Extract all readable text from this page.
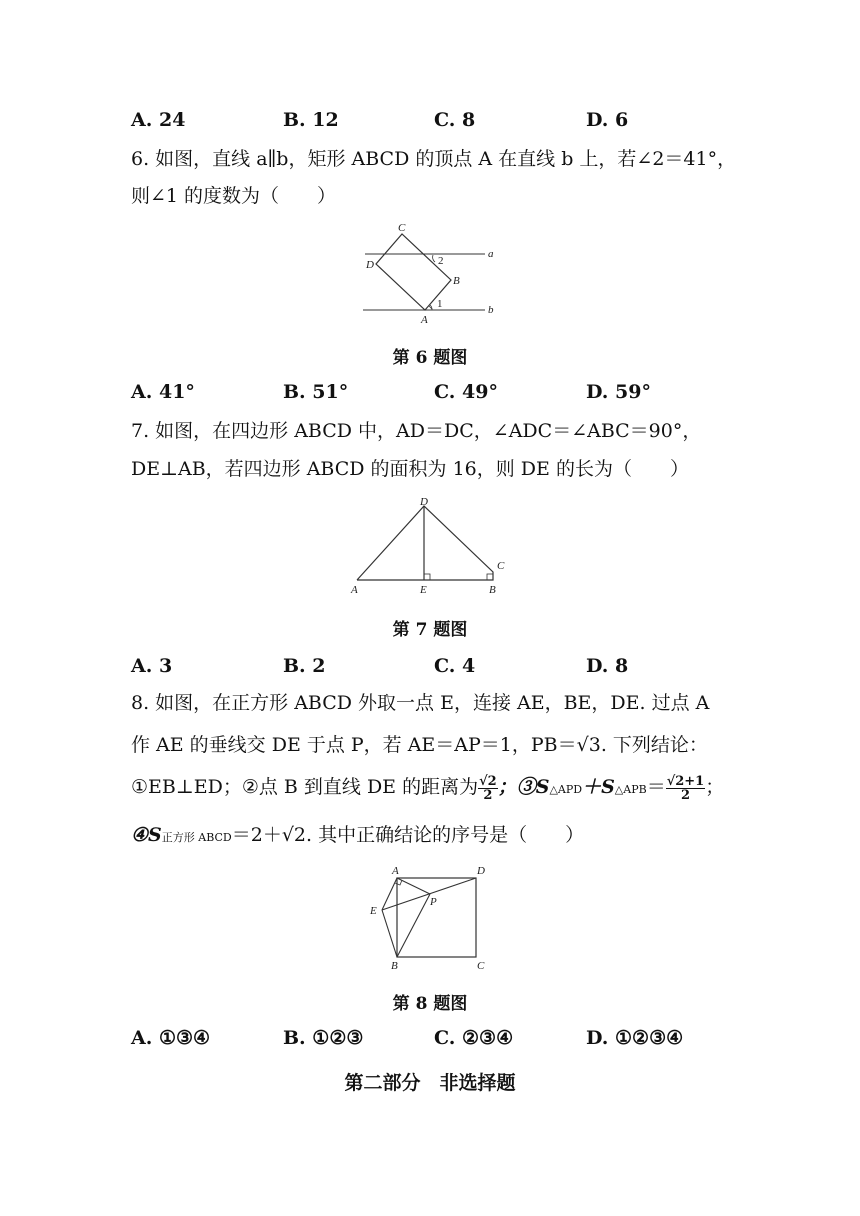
A. 24	B. 12	C. 8	D. 6
6. 如图，直线 a∥b，矩形 ABCD 的顶点 A 在直线 b 上，若∠2＝41°，
则∠1 的度数为（　　）
C
D
B
A
a
b
2
1
第 6 题图
A. 41°	B. 51°	C. 49°	D. 59°
7. 如图，在四边形 ABCD 中，AD＝DC，∠ADC＝∠ABC＝90°，
DE⊥AB，若四边形 ABCD 的面积为 16，则 DE 的长为（　　）
D
A	E	B
C
第 7 题图
A. 3	B. 2	C. 4	D. 8
8. 如图，在正方形 ABCD 外取一点 E，连接 AE，BE，DE. 过点 A
作 AE 的垂线交 DE 于点 P，若 AE＝AP＝1，PB＝√3. 下列结论：
①EB⊥ED；②点 B 到直线 DE 的距离为 $\frac{√2}{2}$ ；③S△APD＋S△APB＝ $\frac{√2+1}{2}$ ；
④S正方形 ABCD＝2＋√2. 其中正确结论的序号是（　　）
A	D
E
P
B	C
第 8 题图
A. ①③④	B. ①②③	C. ②③④	D. ①②③④
第二部分　非选择题
